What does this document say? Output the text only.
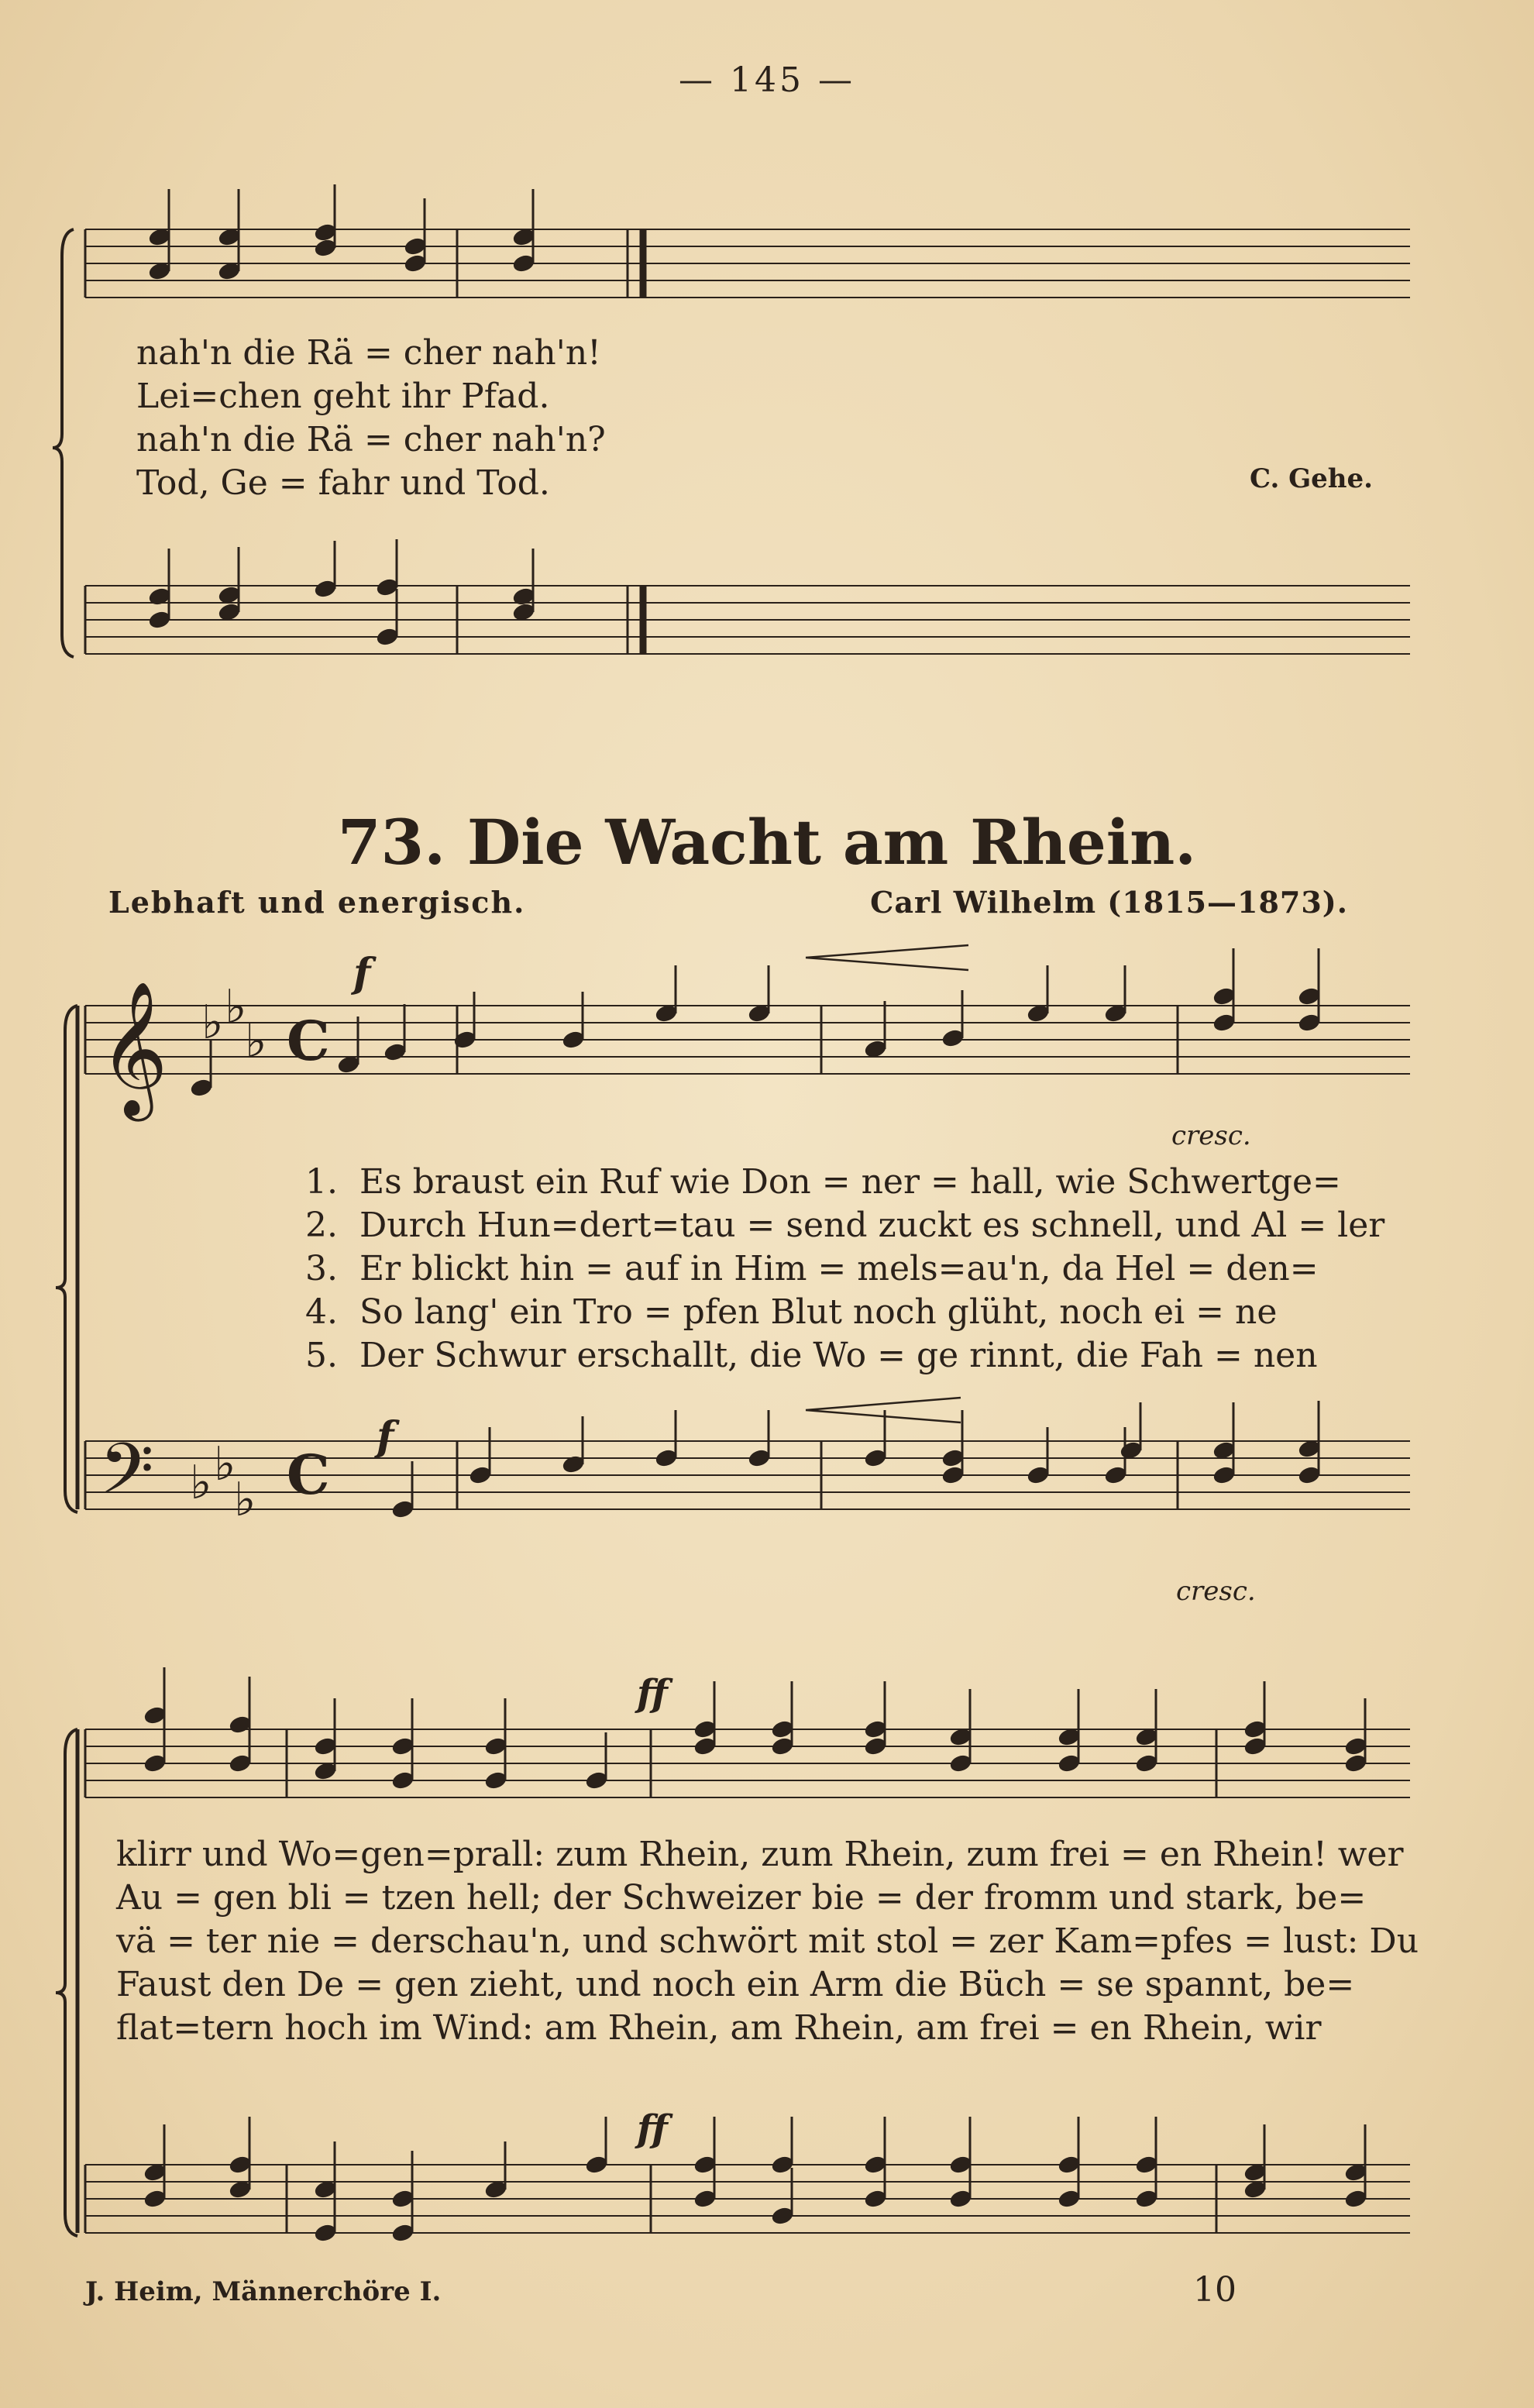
— 145 —
𝄞
𝄢
♭ ♭
♭
♭ ♭
♭
C
C
nah'n die Rä = cher nah'n!
Lei=chen geht ihr Pfad.
nah'n die Rä = cher nah'n?
Tod, Ge = fahr und Tod.	C. Gehe.
73. Die Wacht am Rhein.
Lebhaft und energisch.	Carl Wilhelm (1815—1873).
f
f
ff
ff
cresc.
cresc.
1. Es braust ein Ruf wie Don = ner = hall, wie Schwertge=
2. Durch Hun=dert=tau = send zuckt es schnell, und Al = ler
3. Er blickt hin = auf in Him = mels=au'n, da Hel = den=
4. So lang' ein Tro = pfen Blut noch glüht, noch ei = ne
5. Der Schwur erschallt, die Wo = ge rinnt, die Fah = nen
klirr und Wo=gen=prall: zum Rhein, zum Rhein, zum frei = en Rhein! wer
Au = gen bli = tzen hell; der Schweizer bie = der fromm und stark, be=
vä = ter nie = derschau'n, und schwört mit stol = zer Kam=pfes = lust: Du
Faust den De = gen zieht, und noch ein Arm die Büch = se spannt, be=
flat=tern hoch im Wind: am Rhein, am Rhein, am frei = en Rhein, wir
J. Heim, Männerchöre I.	10
